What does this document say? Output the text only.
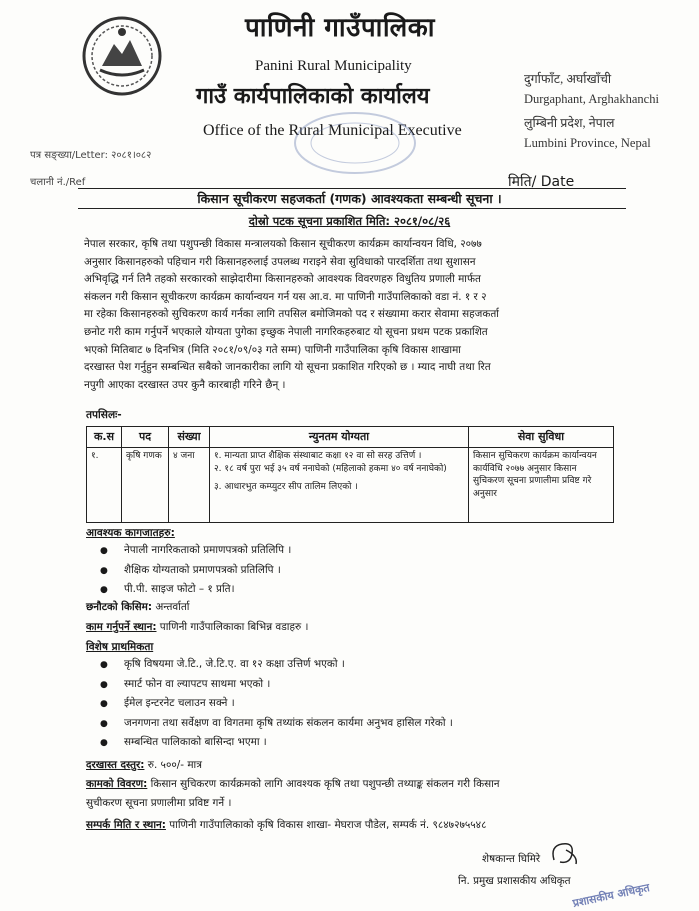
पाणिनी गाउँपालिका
Panini Rural Municipality
गाउँ कार्यपालिकाको कार्यालय
Office of the Rural Municipal Executive
दुर्गाफाँट, अर्घाखाँची
Durgaphant, Arghakhanchi
लुम्बिनी प्रदेश, नेपाल
Lumbini Province, Nepal
पत्र सङ्ख्या/Letter: २०८१।०८२
चलानी नं./Ref	मिति/ Date
किसान सूचीकरण सहजकर्ता (गणक) आवश्यकता सम्बन्धी सूचना ।
दोस्रो पटक सूचना प्रकाशित मिति: २०८१/०८/२६
नेपाल सरकार, कृषि तथा पशुपन्छी विकास मन्त्रालयको किसान सूचीकरण कार्यक्रम कार्यान्वयन विधि, २०७७
अनुसार किसानहरुको पहिचान गरी किसानहरुलाई उपलब्ध गराइने सेवा सुविधाको पारदर्शिता तथा सुशासन
अभिवृद्धि गर्न तिनै तहको सरकारको साझेदारीमा किसानहरुको आवश्यक विवरणहरु विधुतिय प्रणाली मार्फत
संकलन गरी किसान सूचीकरण कार्यक्रम कार्यान्वयन गर्न यस आ.व. मा पाणिनी गाउँपालिकाको वडा नं. १ र २
मा रहेका किसानहरुको सुचिकरण कार्य गर्नका लागि तपसिल बमोजिमको पद र संख्यामा करार सेवामा सहजकर्ता
छनोट गरी काम गर्नुपर्ने भएकाले योग्यता पुगेका इच्छुक नेपाली नागरिकहरुबाट यो सूचना प्रथम पटक प्रकाशित
भएको मितिबाट ७ दिनभित्र (मिति २०८१/०९/०३ गते सम्म) पाणिनी गाउँपालिका कृषि विकास शाखामा
दरखास्त पेश गर्नुहुन सम्बन्धित सबैको जानकारीका लागि यो सूचना प्रकाशित गरिएको छ । म्याद नाघी तथा रित
नपुगी आएका दरखास्त उपर कुनै कारबाही गरिने छैन् ।
तपसिलः-
क.स	पद	संख्या	न्युनतम योग्यता	सेवा सुविधा
१.	कृषि गणक	४ जना	१. मान्यता प्राप्त शैक्षिक संस्थाबाट कक्षा १२ वा सो सरह उत्तिर्ण ।
२. १८ वर्ष पुरा भई ३५ वर्ष ननाघेको (महिलाको हकमा ४० वर्ष ननाघेको)
३. आधारभुत कम्प्युटर सीप तालिम लिएको ।	किसान सुचिकरण कार्यक्रम कार्यान्वयन कार्यविधि २०७७ अनुसार किसान सुचिकरण सूचना प्रणालीमा प्रविष्ट गरे अनुसार
आवश्यक कागजातहरु:
● नेपाली नागरिकताको प्रमाणपत्रको प्रतिलिपि ।
● शैक्षिक योग्यताको प्रमाणपत्रको प्रतिलिपि ।
● पी.पी. साइज फोटो – १ प्रति।
छनौटको किसिम: अन्तर्वार्ता
काम गर्नुपर्ने स्थान: पाणिनी गाउँपालिकाका बिभिन्न वडाहरु ।
विशेष प्राथमिकता
● कृषि विषयमा जे.टि., जे.टि.ए. वा १२ कक्षा उत्तिर्ण भएको ।
● स्मार्ट फोन वा ल्यापटप साथमा भएको ।
● ईमेल इन्टरनेट चलाउन सक्ने ।
● जनगणना तथा सर्वेक्षण वा विगतमा कृषि तथ्यांक संकलन कार्यमा अनुभव हासिल गरेको ।
● सम्बन्धित पालिकाको बासिन्दा भएमा ।
दरखास्त दस्तुर: रु. ५००/- मात्र
कामको विवरण: किसान सुचिकरण कार्यक्रमको लागि आवश्यक कृषि तथा पशुपन्छी तथ्याङ्क संकलन गरी किसान
सुचीकरण सूचना प्रणालीमा प्रविष्ट गर्ने ।
सम्पर्क मिति र स्थान: पाणिनी गाउँपालिकाको कृषि विकास शाखा- मेघराज पौडेल, सम्पर्क नं. ९८४७२७५५४८
शेषकान्त घिमिरे
नि. प्रमुख प्रशासकीय अधिकृत
प्रशासकीय अधिकृत
